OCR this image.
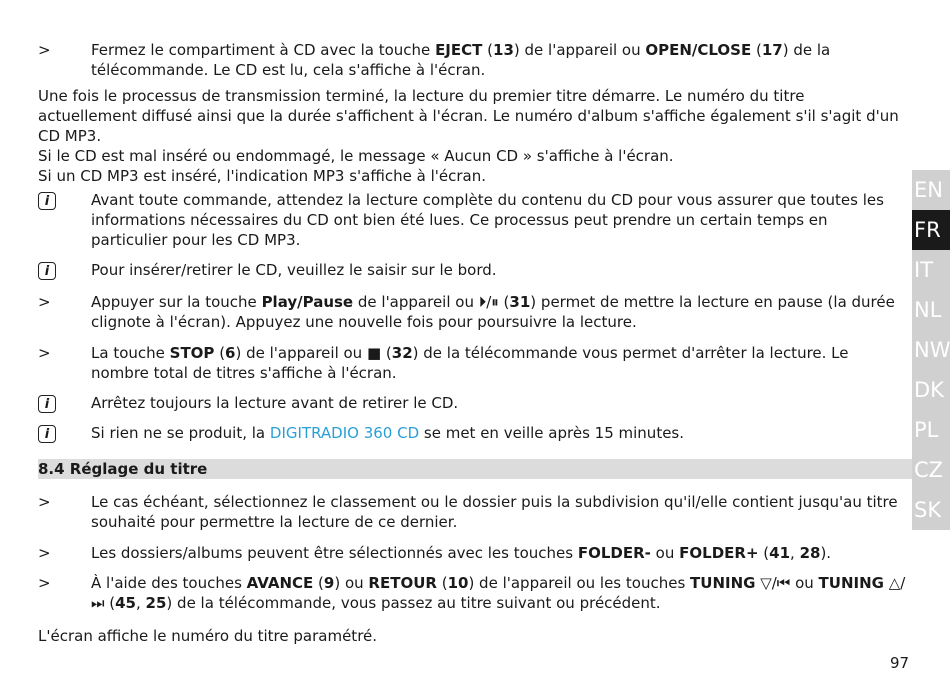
>	Fermez le compartiment à CD avec la touche EJECT (13) de l'appareil ou OPEN/CLOSE (17) de la télécommande. Le CD est lu, cela s'affiche à l'écran.
Une fois le processus de transmission terminé, la lecture du premier titre démarre. Le numéro du titre actuellement diffusé ainsi que la durée s'affichent à l'écran. Le numéro d'album s'affiche également s'il s'agit d'un CD MP3.
Si le CD est mal inséré ou endommagé, le message « Aucun CD » s'affiche à l'écran.
Si un CD MP3 est inséré, l'indication MP3 s'affiche à l'écran.
i	Avant toute commande, attendez la lecture complète du contenu du CD pour vous assurer que toutes les informations nécessaires du CD ont bien été lues. Ce processus peut prendre un certain temps en particulier pour les CD MP3.
i	Pour insérer/retirer le CD, veuillez le saisir sur le bord.
>	Appuyer sur la touche Play/Pause de l'appareil ou ⏵/⏸ (31) permet de mettre la lecture en pause (la durée clignote à l'écran). Appuyez une nouvelle fois pour poursuivre la lecture.
>	La touche STOP (6) de l'appareil ou ■ (32) de la télécommande vous permet d'arrêter la lecture. Le nombre total de titres s'affiche à l'écran.
i	Arrêtez toujours la lecture avant de retirer le CD.
i	Si rien ne se produit, la DIGITRADIO 360 CD se met en veille après 15 minutes.
8.4 Réglage du titre
>	Le cas échéant, sélectionnez le classement ou le dossier puis la subdivision qu'il/elle contient jusqu'au titre souhaité pour permettre la lecture de ce dernier.
>	Les dossiers/albums peuvent être sélectionnés avec les touches FOLDER- ou FOLDER+ (41, 28).
>	À l'aide des touches AVANCE (9) ou RETOUR (10) de l'appareil ou les touches TUNING ▽/⏮ ou TUNING △/⏭ (45, 25) de la télécommande, vous passez au titre suivant ou précédent.
L'écran affiche le numéro du titre paramétré.
EN
FR
IT
NL
NW
DK
PL
CZ
SK
97
